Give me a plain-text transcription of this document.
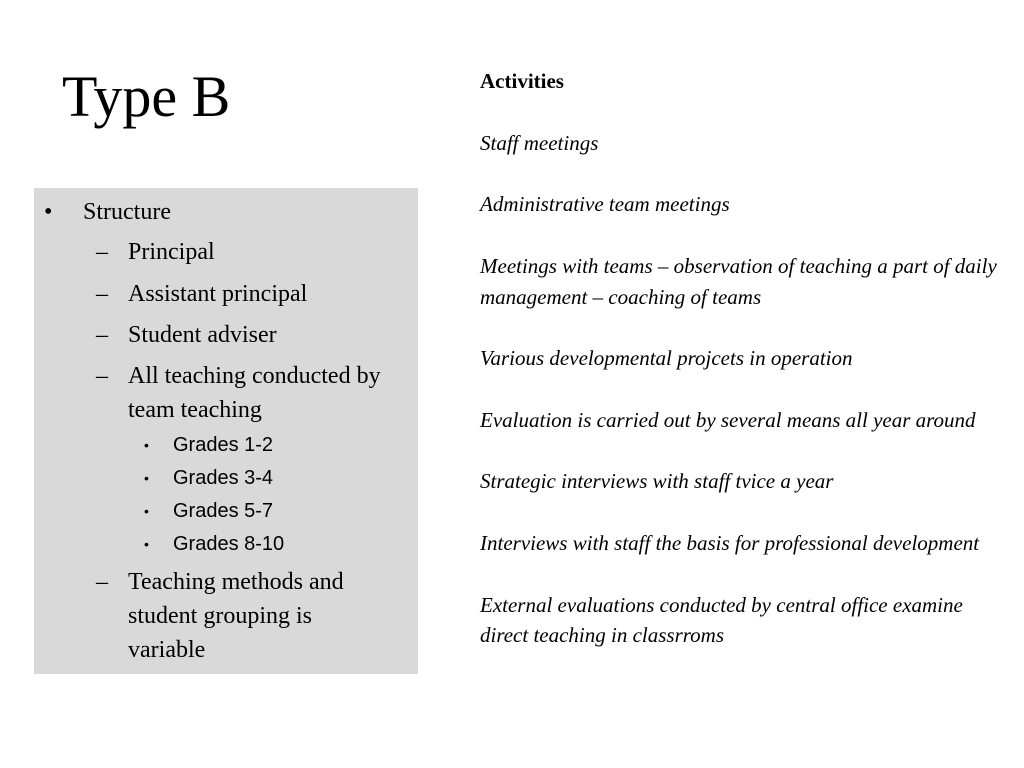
Type B
•	Structure
– Principal
– Assistant principal
– Student adviser
– All teaching conducted by team teaching
• Grades 1-2
• Grades 3-4
• Grades 5-7
• Grades 8-10
– Teaching methods and student grouping is variable
Activities
Staff meetings
Administrative team meetings
Meetings with teams – observation of teaching a part of daily management – coaching of teams
Various developmental projcets in operation
Evaluation is carried out by several means all year around
Strategic interviews with staff tvice a year
Interviews with staff the basis for professional development
External evaluations conducted by central office examine direct teaching in classrroms
